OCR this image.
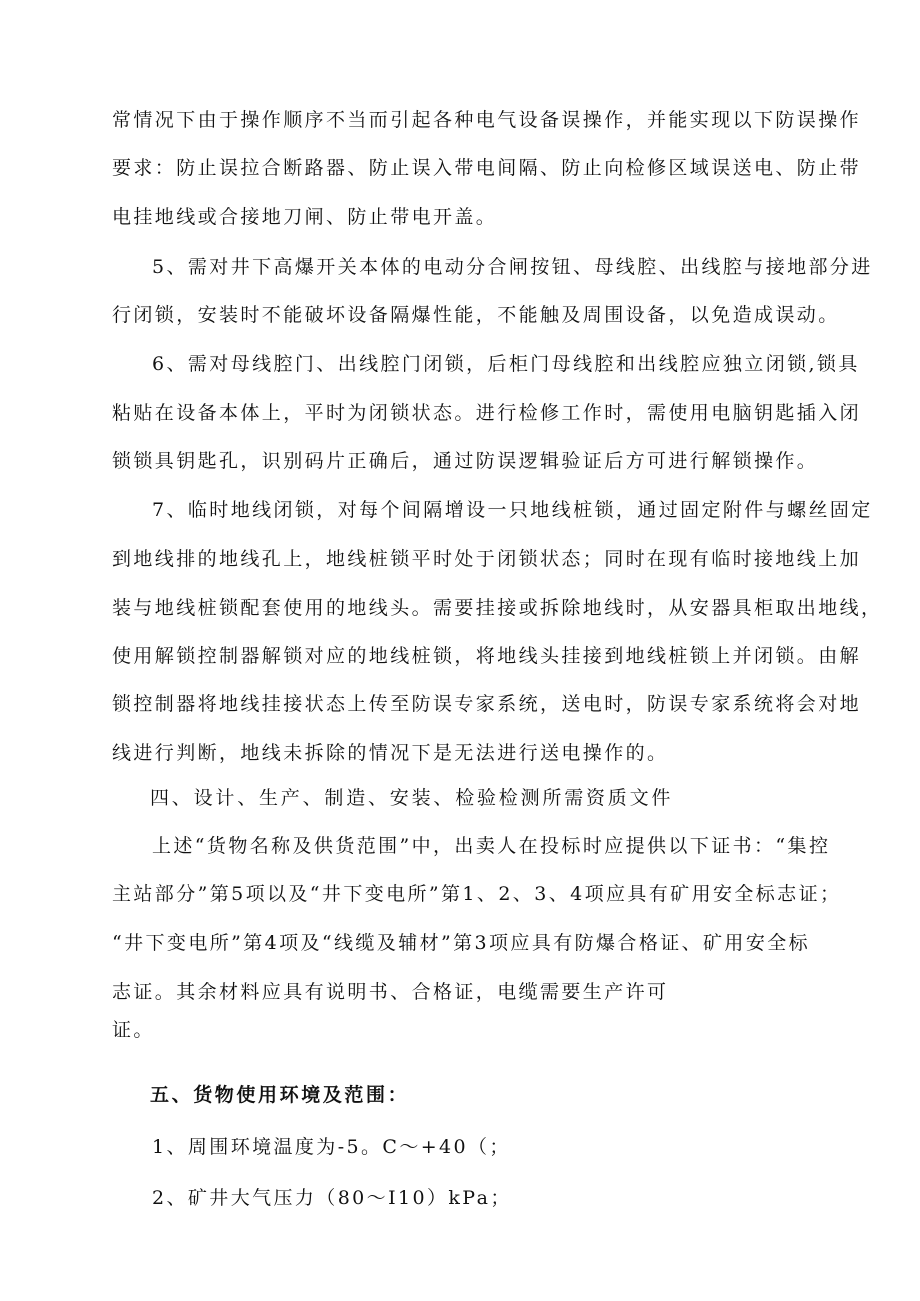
常情况下由于操作顺序不当而引起各种电气设备误操作，并能实现以下防误操作
要求：防止误拉合断路器、防止误入带电间隔、防止向检修区域误送电、防止带
电挂地线或合接地刀闸、防止带电开盖。
5、需对井下高爆开关本体的电动分合闸按钮、母线腔、出线腔与接地部分进
行闭锁，安装时不能破坏设备隔爆性能，不能触及周围设备，以免造成误动。
6、需对母线腔门、出线腔门闭锁，后柜门母线腔和出线腔应独立闭锁,锁具
粘贴在设备本体上，平时为闭锁状态。进行检修工作时，需使用电脑钥匙插入闭
锁锁具钥匙孔，识别码片正确后，通过防误逻辑验证后方可进行解锁操作。
7、临时地线闭锁，对每个间隔增设一只地线桩锁，通过固定附件与螺丝固定
到地线排的地线孔上，地线桩锁平时处于闭锁状态；同时在现有临时接地线上加
装与地线桩锁配套使用的地线头。需要挂接或拆除地线时，从安器具柜取出地线，
使用解锁控制器解锁对应的地线桩锁，将地线头挂接到地线桩锁上并闭锁。由解
锁控制器将地线挂接状态上传至防误专家系统，送电时，防误专家系统将会对地
线进行判断，地线未拆除的情况下是无法进行送电操作的。
四、设计、生产、制造、安装、检验检测所需资质文件
上述“货物名称及供货范围”中，出卖人在投标时应提供以下证书：“集控
主站部分”第5项以及“井下变电所”第1、2、3、4项应具有矿用安全标志证；
“井下变电所”第4项及“线缆及辅材”第3项应具有防爆合格证、矿用安全标
志证。其余材料应具有说明书、合格证，电缆需要生产许可
证。
五、货物使用环境及范围：
1、周围环境温度为-5。C～+40（；
2、矿井大气压力（80～I10）kPa；
